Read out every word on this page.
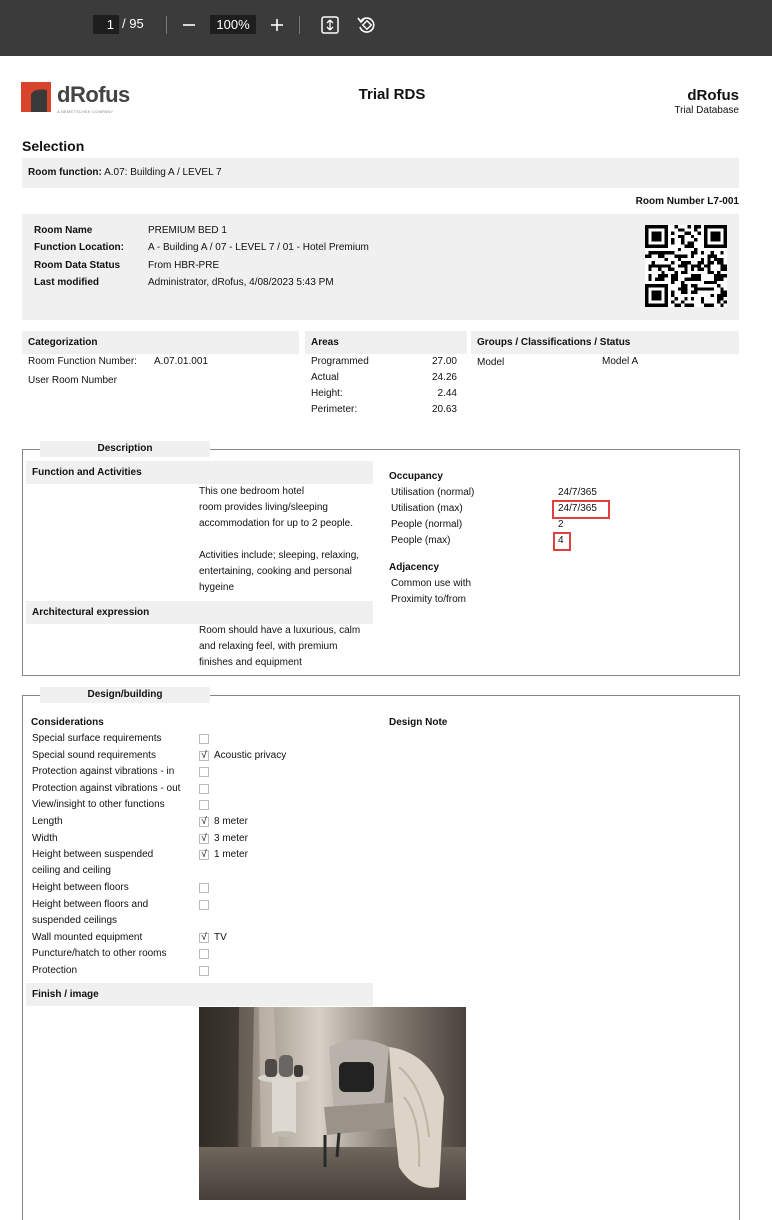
1 / 95	100%
dRofus
A NEMETSCHEK COMPANY
Trial RDS	dRofus
Trial Database
Selection
Room function: A.07: Building A / LEVEL 7
Room Number L7-001
Room Name	PREMIUM BED 1
Function Location: A - Building A / 07 - LEVEL 7 / 01 - Hotel Premium
Room Data Status	From HBR-PRE
Last modified	Administrator, dRofus, 4/08/2023 5:43 PM
Categorization	Areas	Groups / Classifications / Status
Room Function Number: A.07.01.001
User Room Number
Programmed	27.00
Actual	24.26
Height:	2.44
Perimeter:	20.63
Model	Model A
Description
Function and Activities
This one bedroom hotel
room provides living/sleeping
accommodation for up to 2 people.
Activities include; sleeping, relaxing,
entertaining, cooking and personal
hygeine
Architectural expression
Room should have a luxurious, calm
and relaxing feel, with premium
finishes and equipment
Occupancy
Utilisation (normal)	24/7/365
Utilisation (max)	24/7/365
People (normal)	2
People (max)	4
Adjacency
Common use with
Proximity to/from
Design/building
Considerations	Design Note
Special surface requirements
Special sound requirements	√ Acoustic privacy
Protection against vibrations - in
Protection against vibrations - out
View/insight to other functions
Length	√ 8 meter
Width	√ 3 meter
Height between suspended	√ 1 meter
ceiling and ceiling
Height between floors
Height between floors and
suspended ceilings
Wall mounted equipment	√ TV
Puncture/hatch to other rooms
Protection
Finish / image
